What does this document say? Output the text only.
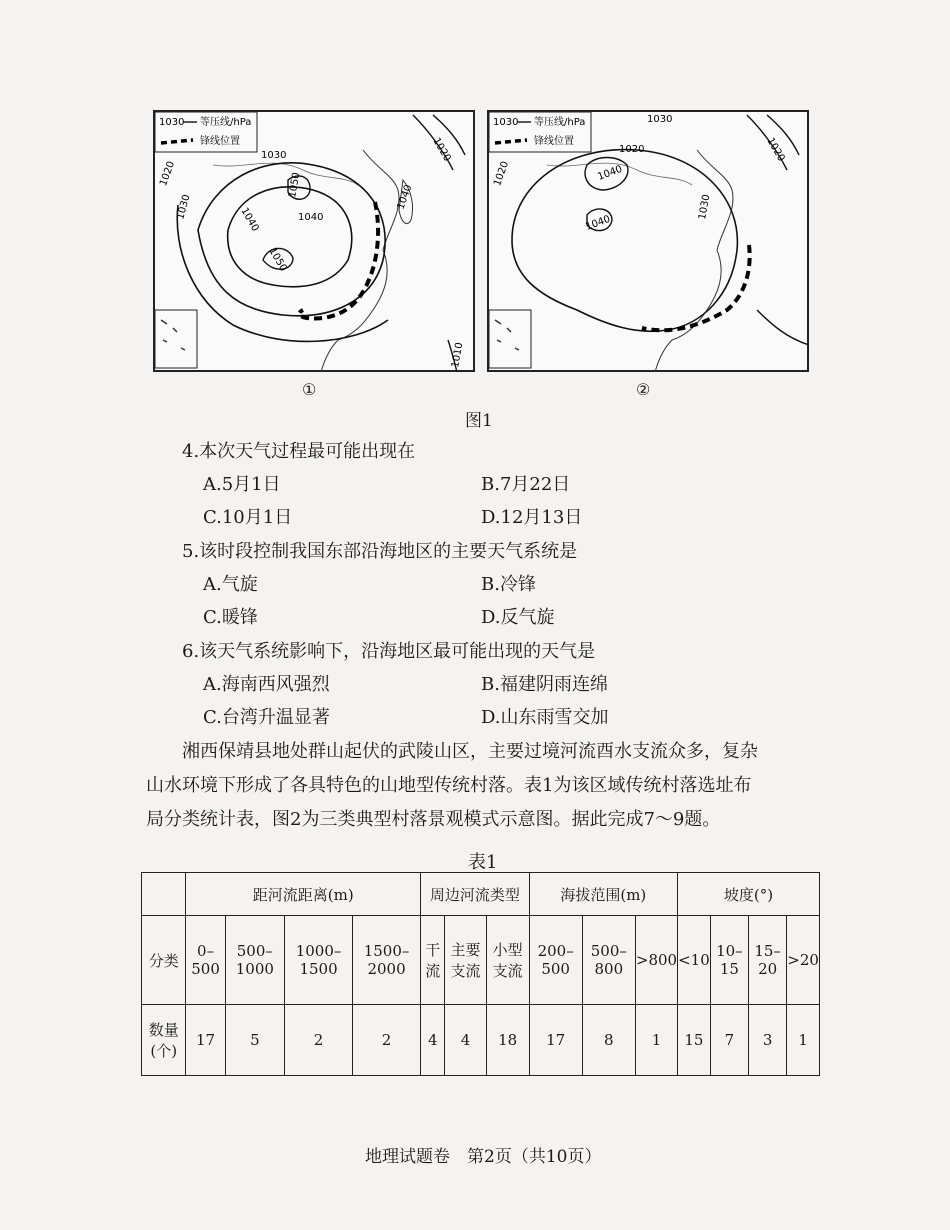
1030 等压线/hPa
锋线位置
1030
1020
1020
1030
1050
1040	1040
1050
1040
1010
1030 等压线/hPa
锋线位置
1030
1020
1020
1020
1040
1040
1030
①	②
图1
4.本次天气过程最可能出现在
A.5月1日	B.7月22日
C.10月1日	D.12月13日
5.该时段控制我国东部沿海地区的主要天气系统是
A.气旋	B.冷锋
C.暖锋	D.反气旋
6.该天气系统影响下，沿海地区最可能出现的天气是
A.海南西风强烈	B.福建阴雨连绵
C.台湾升温显著	D.山东雨雪交加
湘西保靖县地处群山起伏的武陵山区，主要过境河流酉水支流众多，复杂
山水环境下形成了各具特色的山地型传统村落。表1为该区域传统村落选址布
局分类统计表，图2为三类典型村落景观模式示意图。据此完成7～9题。
表1
	距河流距离(m)				周边河流类型			海拔范围(m)			坡度(°)			
分类	0–500	500–1000	1000–1500	1500–2000	干流	主要支流	小型支流	200–500	500–800	>800	<10	10–15	15–20	>20
数量(个)	17	5	2	2	4	4	18	17	8	1	15	7	3	1
地理试题卷　第2页（共10页）
